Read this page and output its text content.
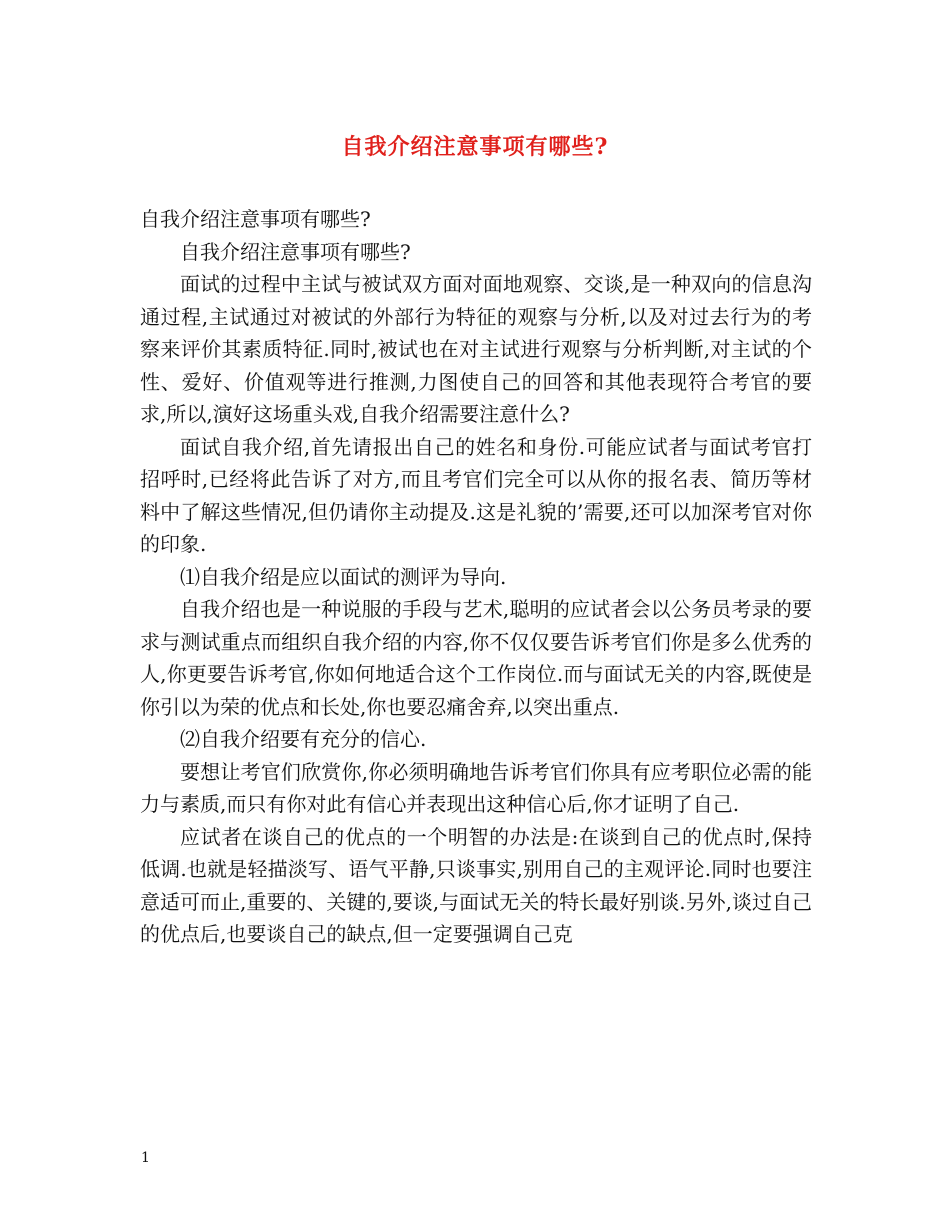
自我介绍注意事项有哪些?

自我介绍注意事项有哪些?

自我介绍注意事项有哪些?

面试的过程中主试与被试双方面对面地观察、交谈,是一种双向的信息沟通过程,主试通过对被试的外部行为特征的观察与分析,以及对过去行为的考察来评价其素质特征.同时,被试也在对主试进行观察与分析判断,对主试的个性、爱好、价值观等进行推测,力图使自己的回答和其他表现符合考官的要求,所以,演好这场重头戏,自我介绍需要注意什么?

面试自我介绍,首先请报出自己的姓名和身份.可能应试者与面试考官打招呼时,已经将此告诉了对方,而且考官们完全可以从你的报名表、简历等材料中了解这些情况,但仍请你主动提及.这是礼貌的’需要,还可以加深考官对你的印象.

⑴自我介绍是应以面试的测评为导向.

自我介绍也是一种说服的手段与艺术,聪明的应试者会以公务员考录的要求与测试重点而组织自我介绍的内容,你不仅仅要告诉考官们你是多么优秀的人,你更要告诉考官,你如何地适合这个工作岗位.而与面试无关的内容,既使是你引以为荣的优点和长处,你也要忍痛舍弃,以突出重点.

⑵自我介绍要有充分的信心.

要想让考官们欣赏你,你必须明确地告诉考官们你具有应考职位必需的能力与素质,而只有你对此有信心并表现出这种信心后,你才证明了自己.

应试者在谈自己的优点的一个明智的办法是:在谈到自己的优点时,保持低调.也就是轻描淡写、语气平静,只谈事实,别用自己的主观评论.同时也要注意适可而止,重要的、关键的,要谈,与面试无关的特长最好别谈.另外,谈过自己的优点后,也要谈自己的缺点,但一定要强调自己克

1
